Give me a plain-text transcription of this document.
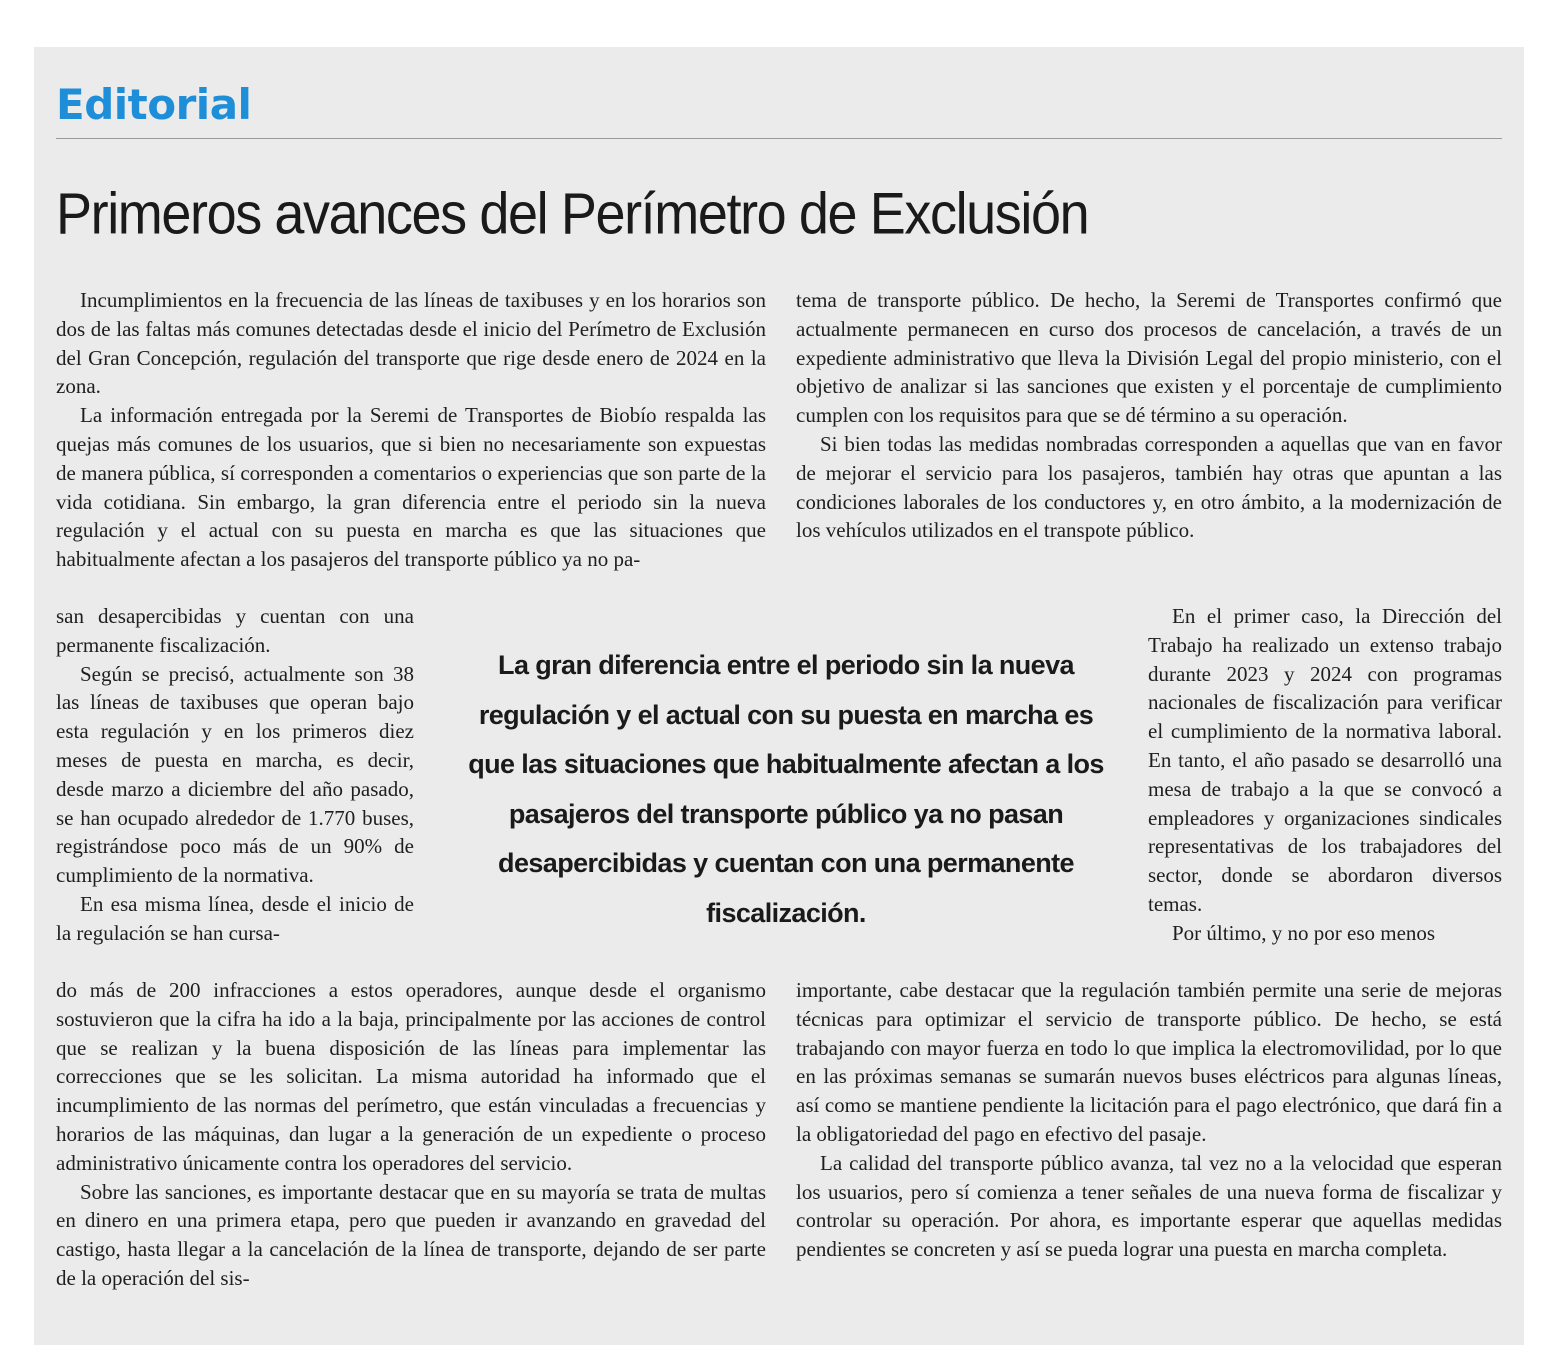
Editorial
Primeros avances del Perímetro de Exclusión

Incumplimientos en la frecuencia de las líneas de taxibuses y en los horarios son dos de las faltas más comunes detectadas desde el inicio del Perímetro de Exclusión del Gran Concepción, regulación del transporte que rige desde enero de 2024 en la zona.

La información entregada por la Seremi de Transportes de Biobío respalda las quejas más comunes de los usuarios, que si bien no necesariamente son expuestas de manera pública, sí corresponden a comentarios o experiencias que son parte de la vida cotidiana. Sin embargo, la gran diferencia entre el periodo sin la nueva regulación y el actual con su puesta en marcha es que las situaciones que habitualmente afectan a los pasajeros del transporte público ya no pa-

san desapercibidas y cuentan con una permanente fiscalización.

Según se precisó, actualmente son 38 las líneas de taxibuses que operan bajo esta regulación y en los primeros diez meses de puesta en marcha, es decir, desde marzo a diciembre del año pasado, se han ocupado alrededor de 1.770 buses, registrándose poco más de un 90% de cumplimiento de la normativa.

En esa misma línea, desde el inicio de la regulación se han cursa-

do más de 200 infracciones a estos operadores, aunque desde el organismo sostuvieron que la cifra ha ido a la baja, principalmente por las acciones de control que se realizan y la buena disposición de las líneas para implementar las correcciones que se les solicitan. La misma autoridad ha informado que el incumplimiento de las normas del perímetro, que están vinculadas a frecuencias y horarios de las máquinas, dan lugar a la generación de un expediente o proceso administrativo únicamente contra los operadores del servicio.

Sobre las sanciones, es importante destacar que en su mayoría se trata de multas en dinero en una primera etapa, pero que pueden ir avanzando en gravedad del castigo, hasta llegar a la cancelación de la línea de transporte, dejando de ser parte de la operación del sis-

tema de transporte público. De hecho, la Seremi de Transportes confirmó que actualmente permanecen en curso dos procesos de cancelación, a través de un expediente administrativo que lleva la División Legal del propio ministerio, con el objetivo de analizar si las sanciones que existen y el porcentaje de cumplimiento cumplen con los requisitos para que se dé término a su operación.

Si bien todas las medidas nombradas corresponden a aquellas que van en favor de mejorar el servicio para los pasajeros, también hay otras que apuntan a las condiciones laborales de los conductores y, en otro ámbito, a la modernización de los vehículos utilizados en el transpote público.

En el primer caso, la Dirección del Trabajo ha realizado un extenso trabajo durante 2023 y 2024 con programas nacionales de fiscalización para verificar el cumplimiento de la normativa laboral. En tanto, el año pasado se desarrolló una mesa de trabajo a la que se convocó a empleadores y organizaciones sindicales representativas de los trabajadores del sector, donde se abordaron diversos temas.

Por último, y no por eso menos

importante, cabe destacar que la regulación también permite una serie de mejoras técnicas para optimizar el servicio de transporte público. De hecho, se está trabajando con mayor fuerza en todo lo que implica la electromovilidad, por lo que en las próximas semanas se sumarán nuevos buses eléctricos para algunas líneas, así como se mantiene pendiente la licitación para el pago electrónico, que dará fin a la obligatoriedad del pago en efectivo del pasaje.

La calidad del transporte público avanza, tal vez no a la velocidad que esperan los usuarios, pero sí comienza a tener señales de una nueva forma de fiscalizar y controlar su operación. Por ahora, es importante esperar que aquellas medidas pendientes se concreten y así se pueda lograr una puesta en marcha completa.

La gran diferencia entre el periodo sin la nueva regulación y el actual con su puesta en marcha es que las situaciones que habitualmente afectan a los pasajeros del transporte público ya no pasan desapercibidas y cuentan con una permanente fiscalización.
